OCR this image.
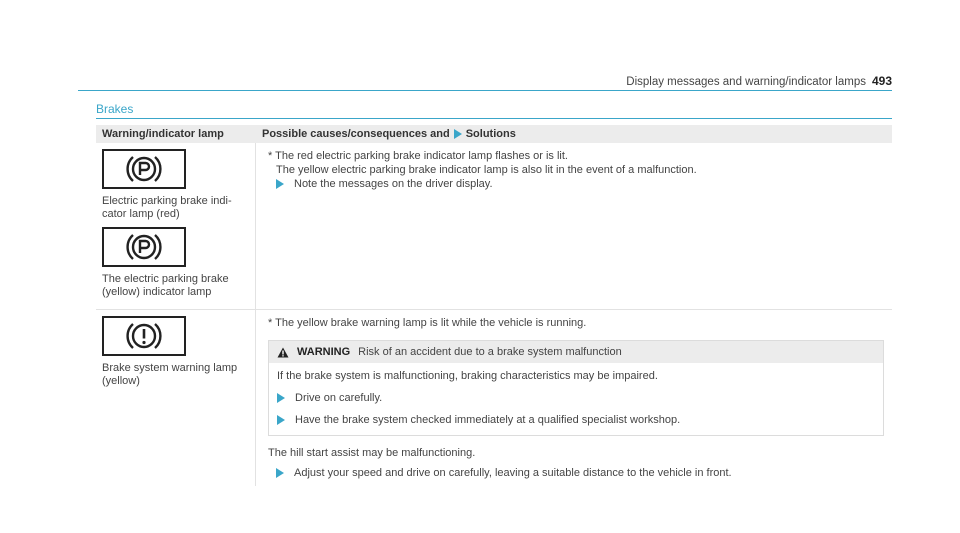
Display messages and warning/indicator lamps 493
Brakes
Warning/indicator lamp	Possible causes/consequences and Solutions
Electric parking brake indi-cator lamp (red)
The electric parking brake (yellow) indicator lamp

* The red electric parking brake indicator lamp flashes or is lit.

The yellow electric parking brake indicator lamp is also lit in the event of a malfunction.

Note the messages on the driver display.
Brake system warning lamp (yellow)

* The yellow brake warning lamp is lit while the vehicle is running.

WARNING Risk of an accident due to a brake system malfunction

If the brake system is malfunctioning, braking characteristics may be impaired.

Drive on carefully.
Have the brake system checked immediately at a qualified specialist workshop.

The hill start assist may be malfunctioning.

Adjust your speed and drive on carefully, leaving a suitable distance to the vehicle in front.
